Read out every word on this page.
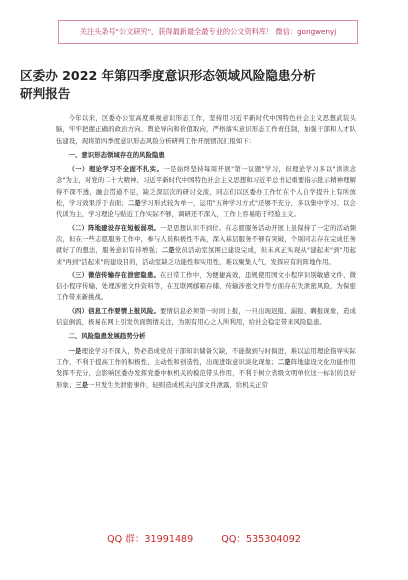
关注头条号"公文研究"，获得最新最全最专业的公文资料库！ 微信：gongwenyj
区委办 2022 年第四季度意识形态领域风险隐患分析
研判报告

今年以来，区委办公室高度重视意识形态工作，坚持用习近平新时代中国特色社会主义思想武装头脑，牢牢把握正确的政治方向、舆论导向和价值取向，严格落实意识形态工作责任制，加强干部和人才队伍建设，现将第四季度意识形态风险分析研判工作开展情况汇报如下：

一、意识形态领域存在的风险隐患

（一）理论学习不全面不扎实。一是始终坚持每周开展"第一议题"学习，但理论学习多以"读读念念"为主，对党的二十大精神、习近平新时代中国特色社会主义思想和习近平总书记重要指示批示精神理解得不深不透，融会贯通不足，缺乏深层次的研讨交流，同志们以区委办工作忙在个人自学提升上有所放松，学习效果浮于表面；二是学习形式较为单一，运用"五种学习方式"还够不充分，多以集中学习、以会代训为主，学习理论与贴近工作实际不够，调研还不深入，工作上容易陷于经验主义。

（二）阵地建设存在短板弱项。一是思想认识不到位。在志愿服务活动开展上虽保持了一定的活动频次，但在一些志愿服务工作中，参与人员积极性不高，深入基层服务不够有突破，个别同志存在完成任务就好了的想法，服务意识有待增强；二是党员活动室氛围已建设完成，但未真正实现从"建起来"到"用起来"再到"活起来"的建设目的，活动室缺乏功能性和实用性，难以聚集人气，发挥应有的阵地作用。

（三）微信传输存在泄密隐患。在日常工作中，为便捷高效，违规使用国文小程序识别敏感文件、微信小程序传输、处理涉密文件资料等，在互联网邮箱存储、传输涉密文件等方面存在失泄密风险，为保密工作带来新挑战。

（四）信息工作要情上报风险。要情信息必须第一时间上报，一旦出现迟报、漏报、瞒报现象，造成信息倒流，极易在网上引发负面舆情关注，为别有用心之人所利用，给社会稳定带来风险隐患。

二、风险隐患发展趋势分析

一是理论学习不深入，势必造成党员干部知识储备欠缺，不能做到与时俱进，难以运用理论指导实际工作，不利于提高工作的积极性、主动性和创造性，出现进取意识淡化现象；二是阵地建设文化功能作用发挥不充分，会影响区委办发挥党委中枢机关的模范带头作用，不利于树立省级文明单位这一标识的良好形象；三是一旦发生失泄密事件，轻则造成机关内部文件泄露，给机关正常

QQ 群：31991489	QQ：535304092
